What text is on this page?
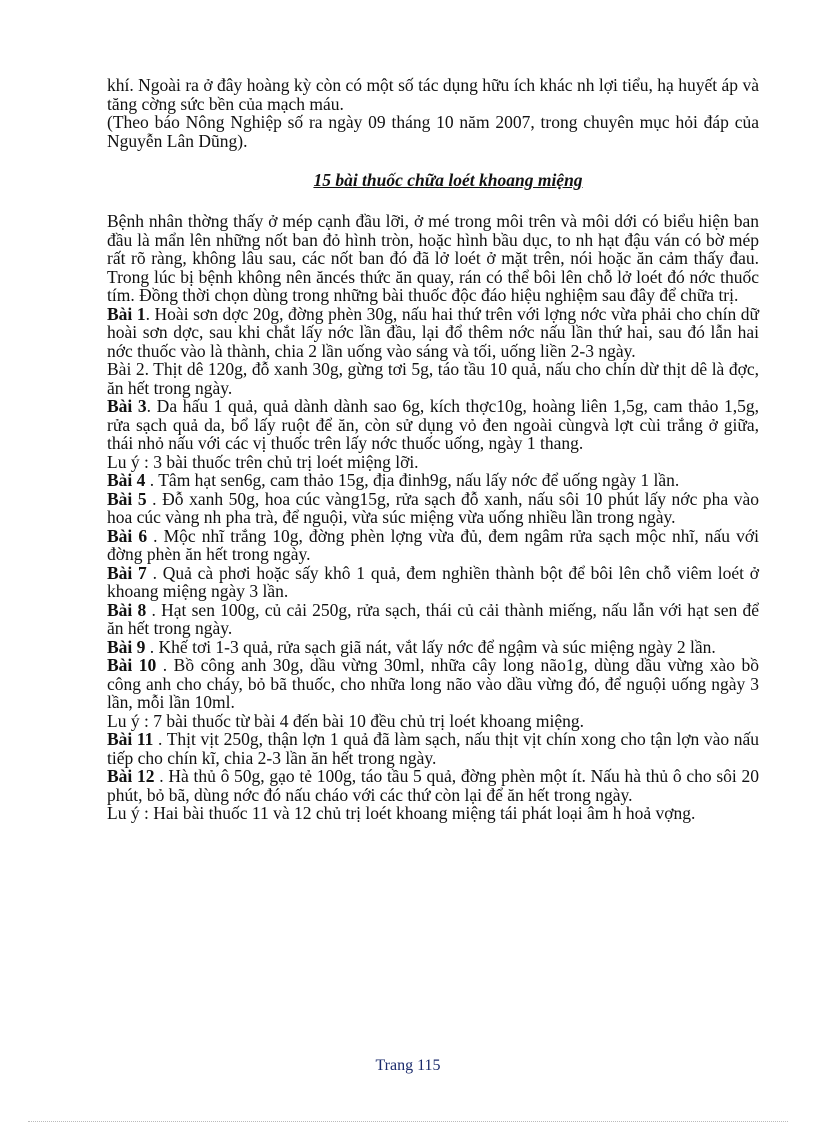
khí. Ngoài ra ở đây hoàng kỳ còn có một số tác dụng hữu ích khác nh lợi tiểu, hạ huyết áp và tăng cờng sức bền của mạch máu.

(Theo báo Nông Nghiệp số ra ngày 09 tháng 10 năm 2007, trong chuyên mục hỏi đáp của Nguyễn Lân Dũng).

15 bài thuốc chữa loét khoang miệng

Bệnh nhân thờng thấy ở mép cạnh đầu lỡi, ở mé trong môi trên và môi dới có biểu hiện ban đầu là mẩn lên những nốt ban đỏ hình tròn, hoặc hình bầu dục, to nh hạt đậu ván có bờ mép rất rõ ràng, không lâu sau, các nốt ban đó đã lở loét ở mặt trên, nói hoặc ăn cảm thấy đau. Trong lúc bị bệnh không nên ăncés thức ăn quay, rán có thể bôi lên chỗ lở loét đó nớc thuốc tím. Đồng thời chọn dùng trong những bài thuốc độc đáo hiệu nghiệm sau đây để chữa trị.

Bài 1. Hoài sơn dợc 20g, đờng phèn 30g, nấu hai thứ trên với lợng nớc vừa phải cho chín dữ hoài sơn dợc, sau khi chắt lấy nớc lần đầu, lại đổ thêm nớc nấu lần thứ hai, sau đó lẫn hai nớc thuốc vào là thành, chia 2 lần uống vào sáng và tối, uống liền 2-3 ngày.

Bài 2. Thịt dê 120g, đỗ xanh 30g, gừng tơi 5g, táo tầu 10 quả, nấu cho chín dừ thịt dê là đợc, ăn hết trong ngày.

Bài 3. Da hấu 1 quả, quả dành dành sao 6g, kích thợc10g, hoàng liên 1,5g, cam thảo 1,5g, rửa sạch quả da, bổ lấy ruột để ăn, còn sử dụng vỏ đen ngoài cùngvà lợt cùi trắng ở giữa, thái nhỏ nấu với các vị thuốc trên lấy nớc thuốc uống, ngày 1 thang.

Lu ý : 3 bài thuốc trên chủ trị loét miệng lỡi.

Bài 4 . Tâm hạt sen6g, cam thảo 15g, địa đinh9g, nấu lấy nớc để uống ngày 1 lần.

Bài 5 . Đỗ xanh 50g, hoa cúc vàng15g, rửa sạch đỗ xanh, nấu sôi 10 phút lấy nớc pha vào hoa cúc vàng nh pha trà, để nguội, vừa súc miệng vừa uống nhiều lần trong ngày.

Bài 6 . Mộc nhĩ trắng 10g, đờng phèn lợng vừa đủ, đem ngâm rửa sạch mộc nhĩ, nấu với đờng phèn ăn hết trong ngày.

Bài 7 . Quả cà phơi hoặc sấy khô 1 quả, đem nghiền thành bột để bôi lên chỗ viêm loét ở khoang miệng ngày 3 lần.

Bài 8 . Hạt sen 100g, củ cải 250g, rửa sạch, thái củ cải thành miếng, nấu lẫn với hạt sen để ăn hết trong ngày.

Bài 9 . Khế tơi 1-3 quả, rửa sạch giã nát, vắt lấy nớc để ngậm và súc miệng ngày 2 lần.

Bài 10 . Bồ công anh 30g, dầu vừng 30ml, nhữa cây long não1g, dùng dầu vừng xào bồ công anh cho cháy, bỏ bã thuốc, cho nhữa long não vào dầu vừng đó, để nguội uống ngày 3 lần, mỗi lần 10ml.

Lu ý : 7 bài thuốc từ bài 4 đến bài 10 đều chủ trị loét khoang miệng.

Bài 11 . Thịt vịt 250g, thận lợn 1 quả đã làm sạch, nấu thịt vịt chín xong cho tận lợn vào nấu tiếp cho chín kĩ, chia 2-3 lần ăn hết trong ngày.

Bài 12 . Hà thủ ô 50g, gạo tẻ 100g, táo tầu 5 quả, đờng phèn một ít. Nấu hà thủ ô cho sôi 20 phút, bỏ bã, dùng nớc đó nấu cháo với các thứ còn lại để ăn hết trong ngày.

Lu ý : Hai bài thuốc 11 và 12 chủ trị loét khoang miệng tái phát loại âm h hoả vợng.

Trang 115
